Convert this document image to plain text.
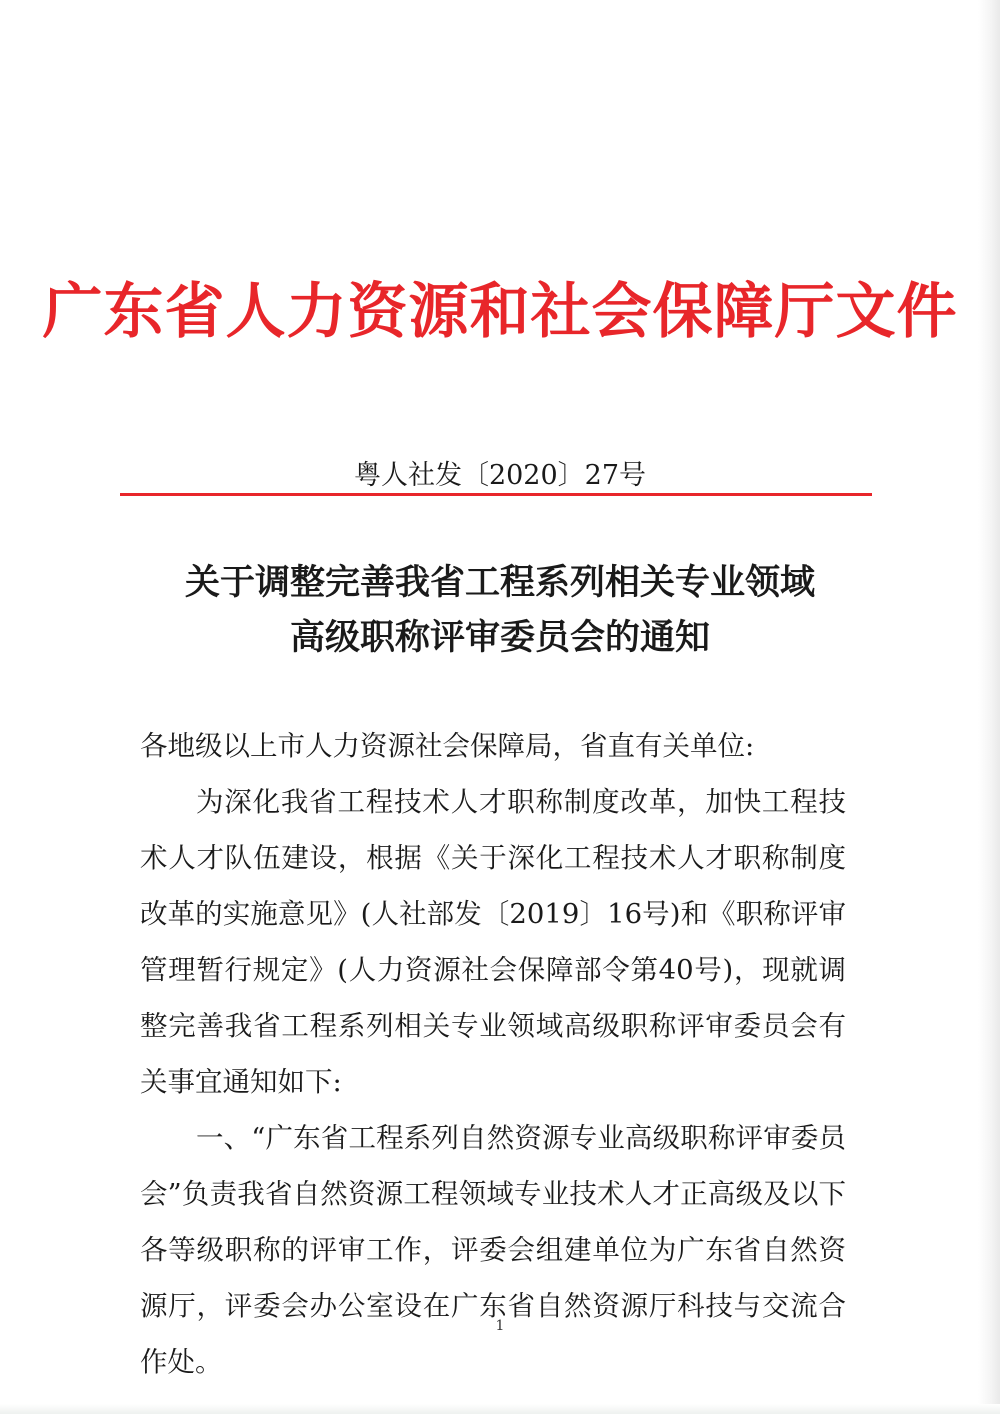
广东省人力资源和社会保障厅文件
粤人社发〔2020〕27号
关于调整完善我省工程系列相关专业领域
高级职称评审委员会的通知

各地级以上市人力资源社会保障局，省直有关单位:

为深化我省工程技术人才职称制度改革，加快工程技术人才队伍建设，根据《关于深化工程技术人才职称制度改革的实施意见》(人社部发〔2019〕16号)和《职称评审管理暂行规定》(人力资源社会保障部令第40号)，现就调整完善我省工程系列相关专业领域高级职称评审委员会有关事宜通知如下:

一、“广东省工程系列自然资源专业高级职称评审委员会”负责我省自然资源工程领域专业技术人才正高级及以下各等级职称的评审工作，评委会组建单位为广东省自然资源厅，评委会办公室设在广东省自然资源厅科技与交流合作处。

1
